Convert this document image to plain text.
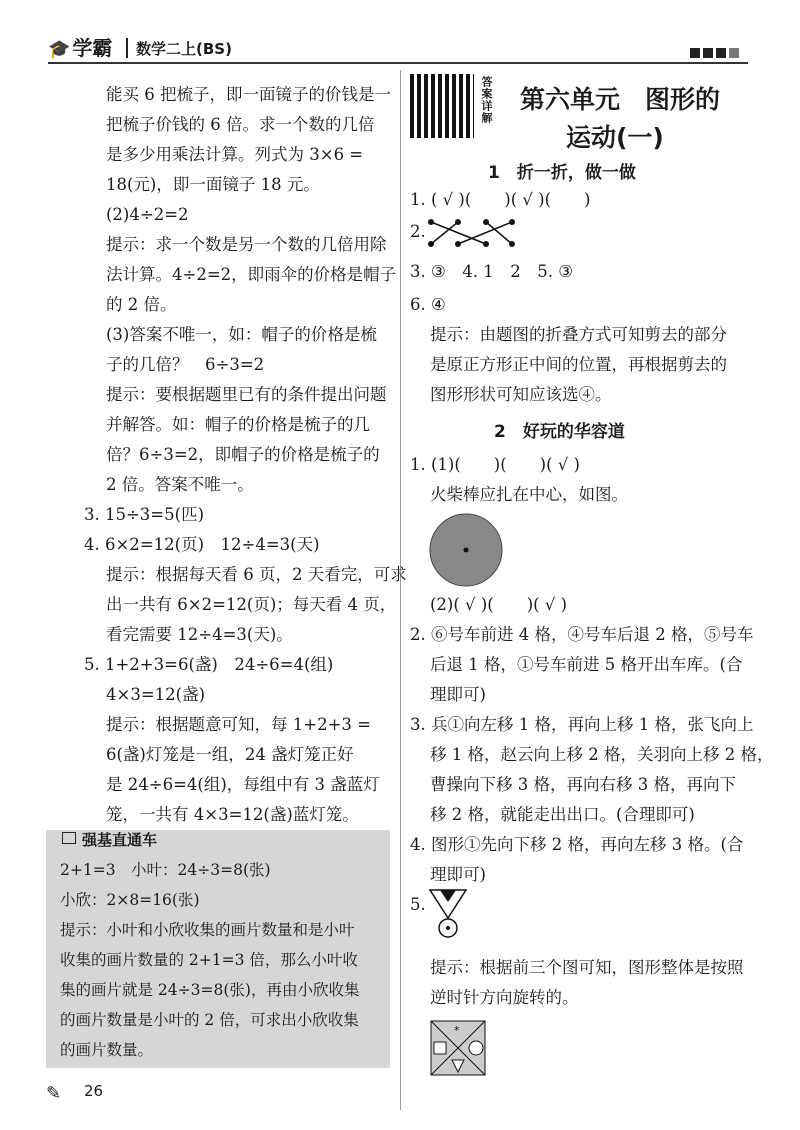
🎓 学霸 数学二上(BS)
能买 6 把梳子，即一面镜子的价钱是一
把梳子价钱的 6 倍。求一个数的几倍
是多少用乘法计算。列式为 3×6 =
18(元)，即一面镜子 18 元。
(2)4÷2=2
提示：求一个数是另一个数的几倍用除
法计算。4÷2=2，即雨伞的价格是帽子
的 2 倍。
(3)答案不唯一，如：帽子的价格是梳
子的几倍？　6÷3=2
提示：要根据题里已有的条件提出问题
并解答。如：帽子的价格是梳子的几
倍？6÷3=2，即帽子的价格是梳子的
2 倍。答案不唯一。
3. 15÷3=5(匹)
4. 6×2=12(页)　12÷4=3(天)
提示：根据每天看 6 页，2 天看完，可求
出一共有 6×2=12(页)；每天看 4 页，
看完需要 12÷4=3(天)。
5. 1+2+3=6(盏)　24÷6=4(组)
4×3=12(盏)
提示：根据题意可知，每 1+2+3 =
6(盏)灯笼是一组，24 盏灯笼正好
是 24÷6=4(组)，每组中有 3 盏蓝灯
笼，一共有 4×3=12(盏)蓝灯笼。
强基直通车
2+1=3　小叶：24÷3=8(张)
小欣：2×8=16(张)
提示：小叶和小欣收集的画片数量和是小叶
收集的画片数量的 2+1=3 倍，那么小叶收
集的画片就是 24÷3=8(张)，再由小欣收集
的画片数量是小叶的 2 倍，可求出小欣收集
的画片数量。
答案详解 第六单元　图形的
运动(一)
1　折一折，做一做
2　好玩的华容道
1. ( √ )(　　)( √ )(　　)
2.
3. ③　4. 1　2　5. ③
6. ④
提示：由题图的折叠方式可知剪去的部分
是原正方形正中间的位置，再根据剪去的
图形形状可知应该选④。
1. (1)(　　)(　　)( √ )
火柴棒应扎在中心，如图。
(2)( √ )(　　)( √ )
2. ⑥号车前进 4 格，④号车后退 2 格，⑤号车
后退 1 格，①号车前进 5 格开出车库。(合
理即可)
3. 兵①向左移 1 格，再向上移 1 格，张飞向上
移 1 格，赵云向上移 2 格，关羽向上移 2 格，
曹操向下移 3 格，再向右移 3 格，再向下
移 2 格，就能走出出口。(合理即可)
4. 图形①先向下移 2 格，再向左移 3 格。(合
理即可)
5.
提示：根据前三个图可知，图形整体是按照
逆时针方向旋转的。
*
✎ 26
